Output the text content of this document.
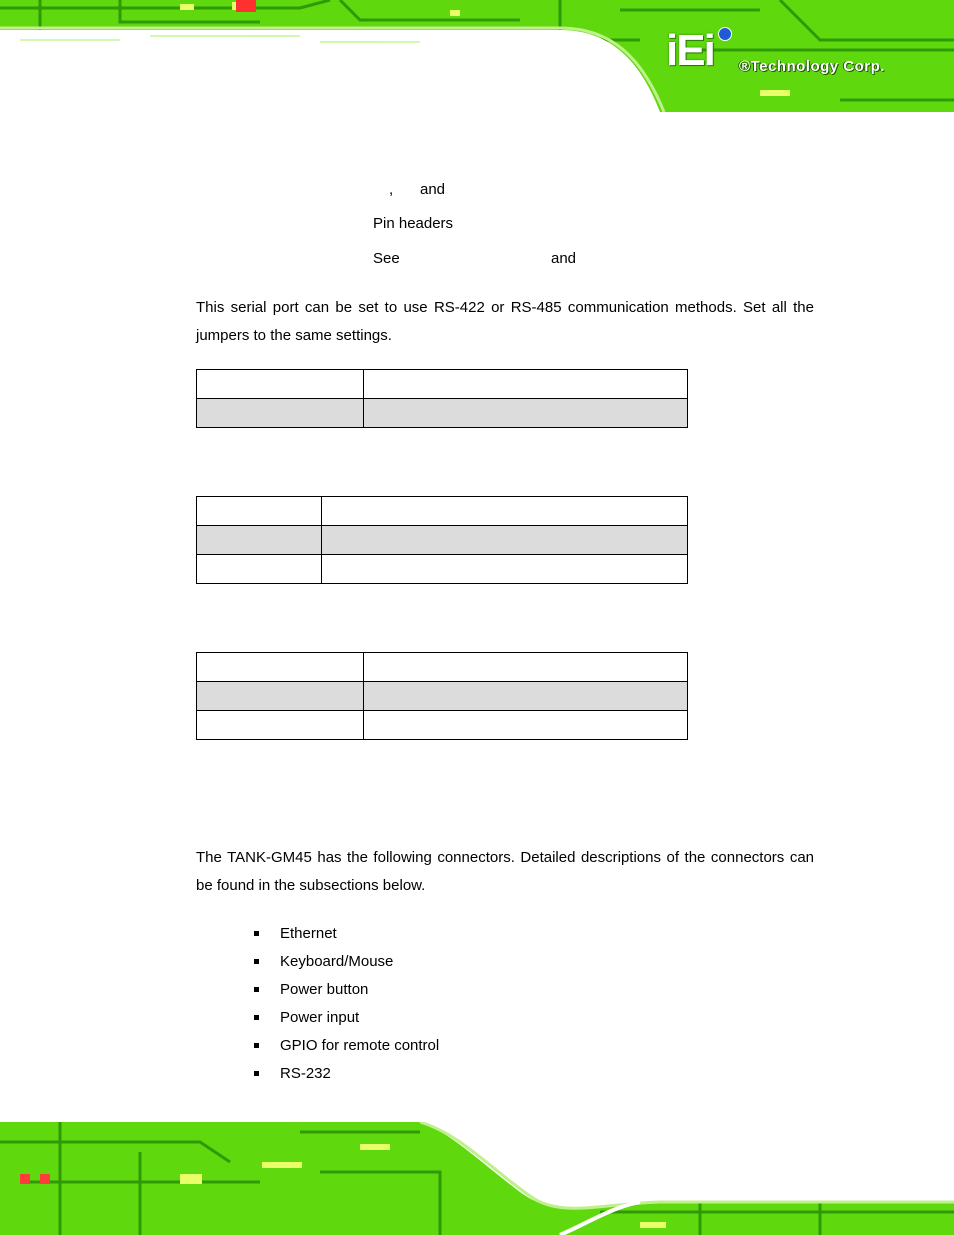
iEi ®Technology Corp.
, and
Pin headers
See	and
This serial port can be set to use RS-422 or RS-485 communication methods. Set all the jumpers to the same settings.

The TANK-GM45 has the following connectors. Detailed descriptions of the connectors can be found in the subsections below.
Ethernet
Keyboard/Mouse
Power button
Power input
GPIO for remote control
RS-232
